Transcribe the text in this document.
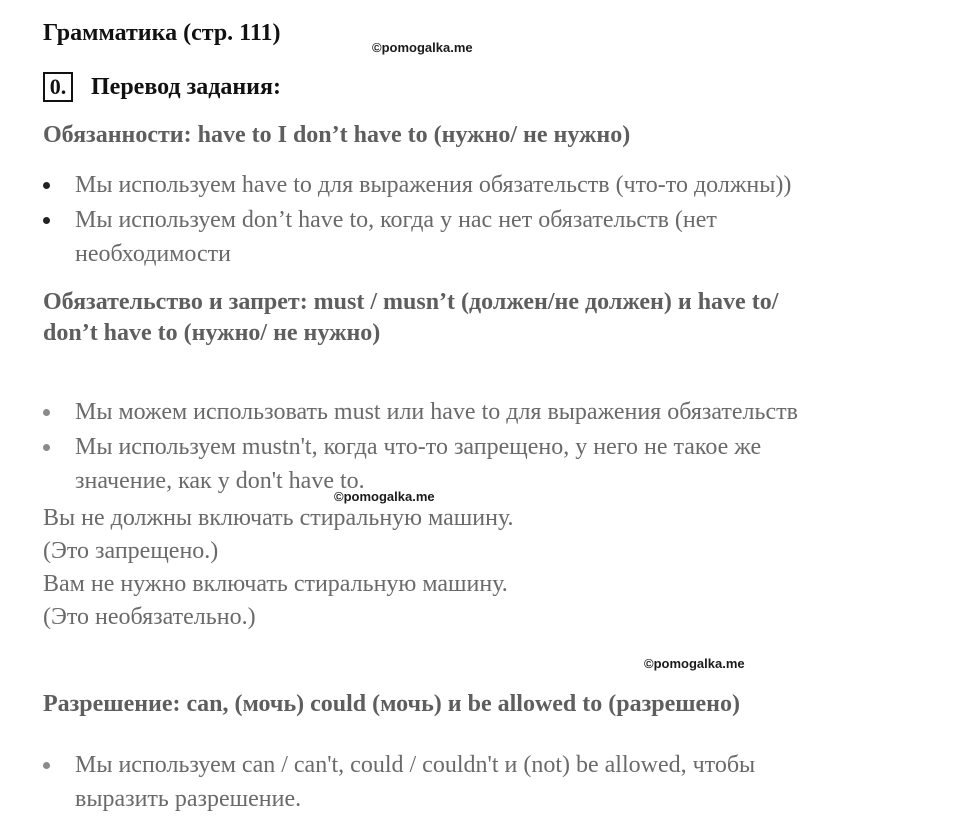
Грамматика (стр. 111)
©pomogalka.me
0. Перевод задания:
Обязанности: have to I don’t have to (нужно/ не нужно)
Мы используем have to для выражения обязательств (что-то должны))
Мы используем don’t have to, когда у нас нет обязательств (нет
необходимости
Обязательство и запрет: must / musn’t (должен/не должен) и have to/
don’t have to (нужно/ не нужно)
Мы можем использовать must или have to для выражения обязательств
Мы используем mustn't, когда что-то запрещено, у него не такое же
значение, как у don't have to.
©pomogalka.me
Вы не должны включать стиральную машину.
(Это запрещено.)
Вам не нужно включать стиральную машину.
(Это необязательно.)
©pomogalka.me
Разрешение: can, (мочь) could (мочь) и be allowed to (разрешено)
Мы используем can / can't, could / couldn't и (not) be allowed, чтобы
выразить разрешение.
